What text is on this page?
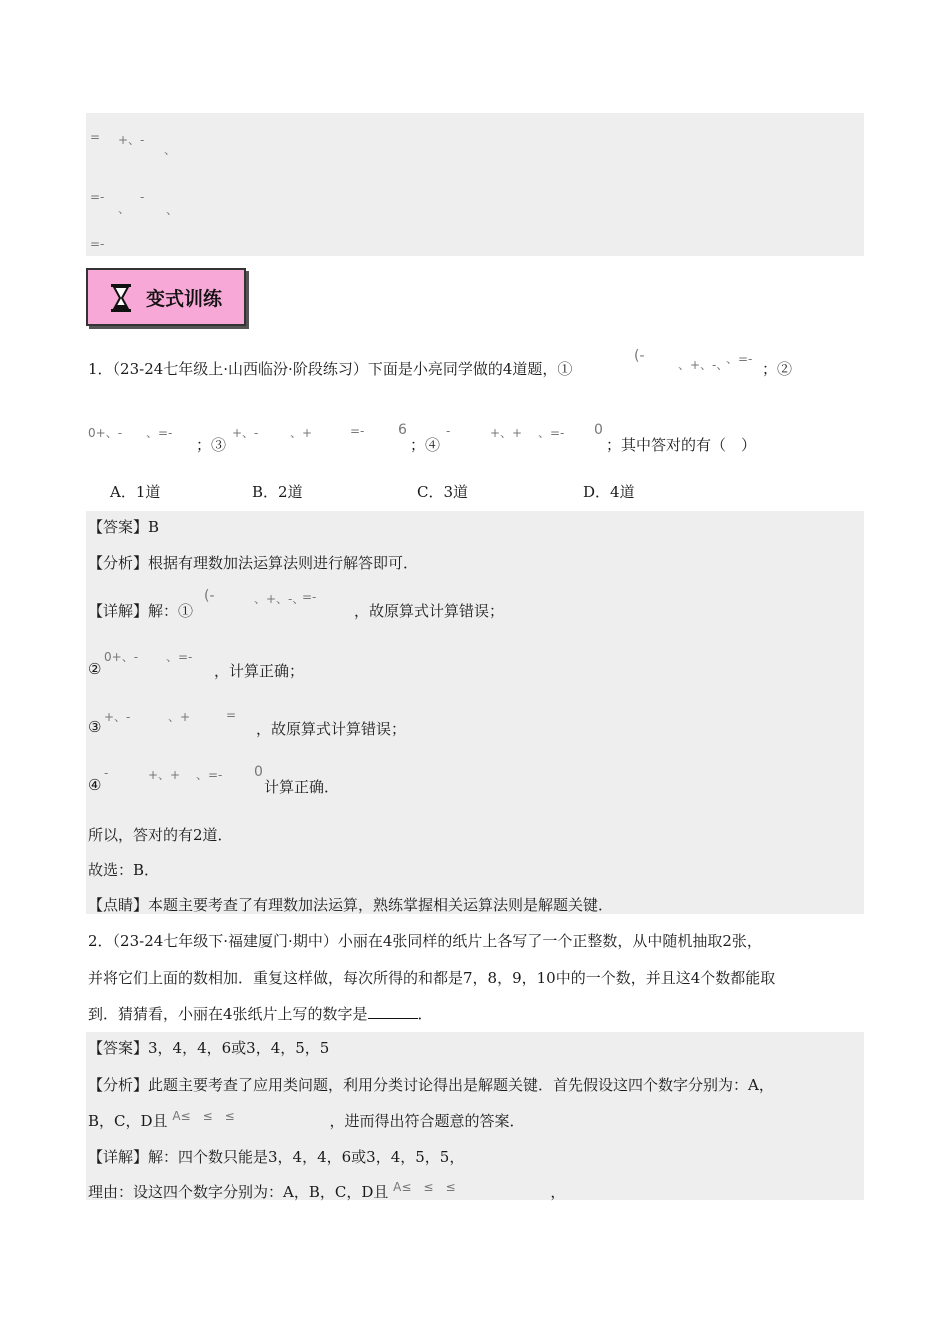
= +、-
、
=-
、
-
、
=-
变式训练
1．（23-24七年级上·山西临汾·阶段练习）下面是小亮同学做的4道题，①
(-
、+、-、
、=-
；②
0+、- 、=-
；③
+、-	、+	=- 6
；④
-	+、+ 、=- 0
；其中答对的有（　）
A．1道	B．2道	C．3道	D．4道
【答案】B
【分析】根据有理数加法运算法则进行解答即可．
【详解】解：①
(-	、+、-、
=-
，故原算式计算错误；
②
0+、- 、=-
，计算正确；
③
+、-	、+	=
，故原算式计算错误；
④
-	+、+ 、=- 0
计算正确．
所以，答对的有2道．
故选：B．
【点睛】本题主要考查了有理数加法运算，熟练掌握相关运算法则是解题关键．
2．（23-24七年级下·福建厦门·期中）小丽在4张同样的纸片上各写了一个正整数，从中随机抽取2张，
并将它们上面的数相加．重复这样做，每次所得的和都是7，8，9，10中的一个数，并且这4个数都能取
到．猜猜看，小丽在4张纸片上写的数字是	．
【答案】3，4，4，6或3，4，5，5
【分析】此题主要考查了应用类问题，利用分类讨论得出是解题关键．首先假设这四个数字分别为：A，
B，C，D且 $^{A\le \le \le}$	，进而得出符合题意的答案．
【详解】解：四个数只能是3，4，4，6或3，4，5，5，
理由：设这四个数字分别为：A，B，C，D且 $^{A\le \le \le}$	，
